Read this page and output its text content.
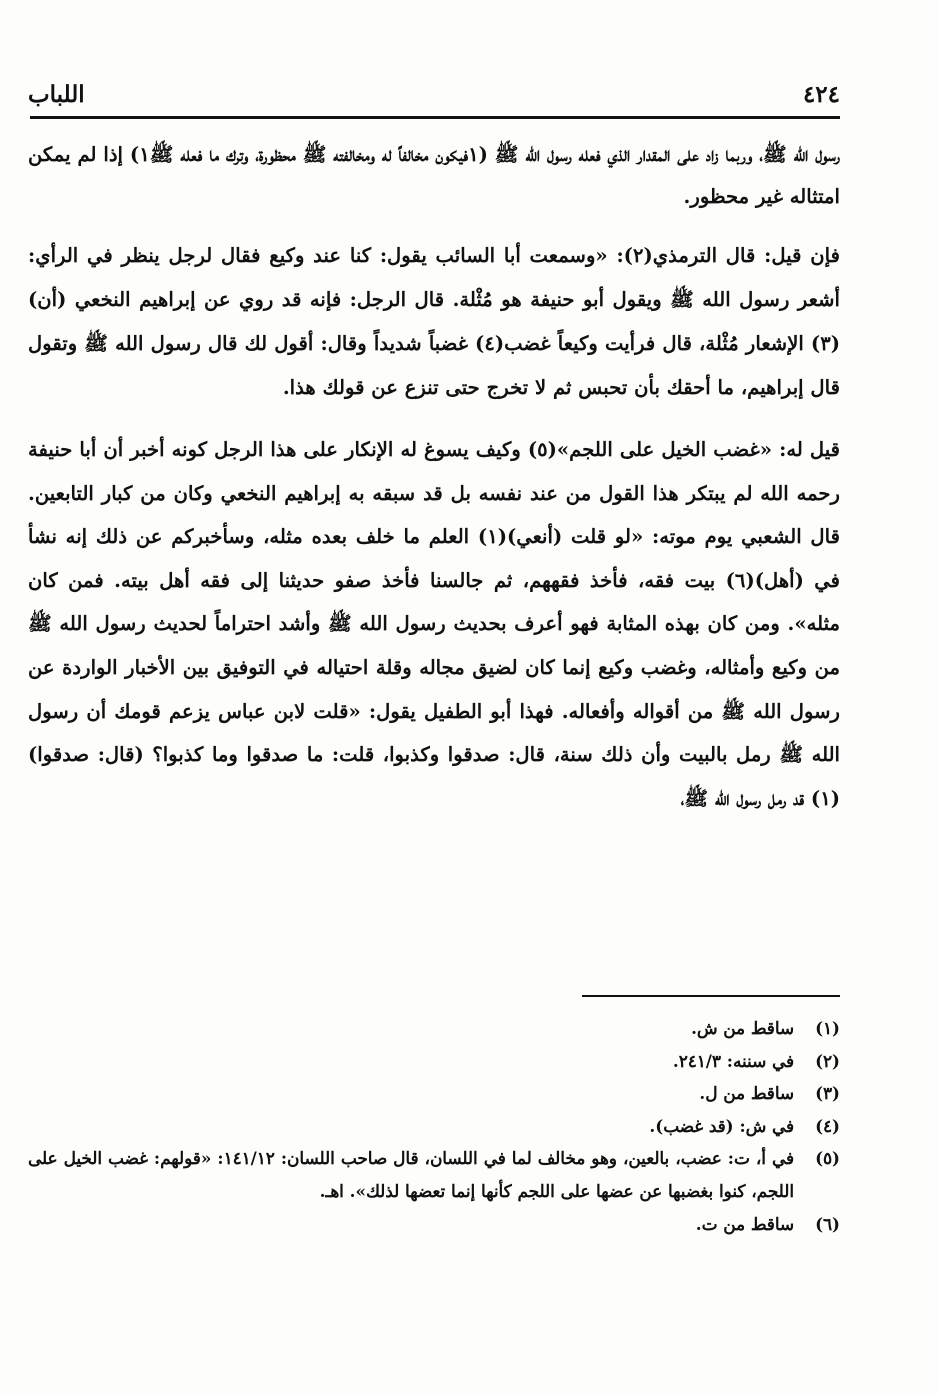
٤٢٤
اللباب

رسول الله ﷺ، وربما زاد على المقدار الذي فعله رسول الله ﷺ (١فيكون مخالفاً له ومخالفته ﷺ محظورة، وترك ما فعله ﷺ١) إذا لم يمكن امتثاله غير محظور.

فإن قيل: قال الترمذي(٢): «وسمعت أبا السائب يقول: كنا عند وكيع فقال لرجل ينظر في الرأي: أشعر رسول الله ﷺ ويقول أبو حنيفة هو مُثْلة. قال الرجل: فإنه قد روي عن إبراهيم النخعي (أن)(٣) الإشعار مُثْلة، قال فرأيت وكيعاً غضب(٤) غضباً شديداً وقال: أقول لك قال رسول الله ﷺ وتقول قال إبراهيم، ما أحقك بأن تحبس ثم لا تخرج حتى تنزع عن قولك هذا.

قيل له: «غضب الخيل على اللجم»(٥) وكيف يسوغ له الإنكار على هذا الرجل كونه أخبر أن أبا حنيفة رحمه الله لم يبتكر هذا القول من عند نفسه بل قد سبقه به إبراهيم النخعي وكان من كبار التابعين. قال الشعبي يوم موته: «لو قلت (أنعي)(١) العلم ما خلف بعده مثله، وسأخبركم عن ذلك إنه نشأ في (أهل)(٦) بيت فقه، فأخذ فقههم، ثم جالسنا فأخذ صفو حديثنا إلى فقه أهل بيته. فمن كان مثله». ومن كان بهذه المثابة فهو أعرف بحديث رسول الله ﷺ وأشد احتراماً لحديث رسول الله ﷺ من وكيع وأمثاله، وغضب وكيع إنما كان لضيق مجاله وقلة احتياله في التوفيق بين الأخبار الواردة عن رسول الله ﷺ من أقواله وأفعاله. فهذا أبو الطفيل يقول: «قلت لابن عباس يزعم قومك أن رسول الله ﷺ رمل بالبيت وأن ذلك سنة، قال: صدقوا وكذبوا، قلت: ما صدقوا وما كذبوا؟ (قال: صدقوا)(١) قد رمل رسول الله ﷺ،

(١)
ساقط من ش.
(٢)
في سننه: ٢٤١/٣.
(٣)
ساقط من ل.
(٤)
في ش: (قد غضب).
(٥)
في أ، ت: عضب، بالعين، وهو مخالف لما في اللسان، قال صاحب اللسان: ١٤١/١٢: «قولهم: غضب الخيل على اللجم، كنوا بغضبها عن عضها على اللجم كأنها إنما تعضها لذلك». اهـ.
(٦)
ساقط من ت.
